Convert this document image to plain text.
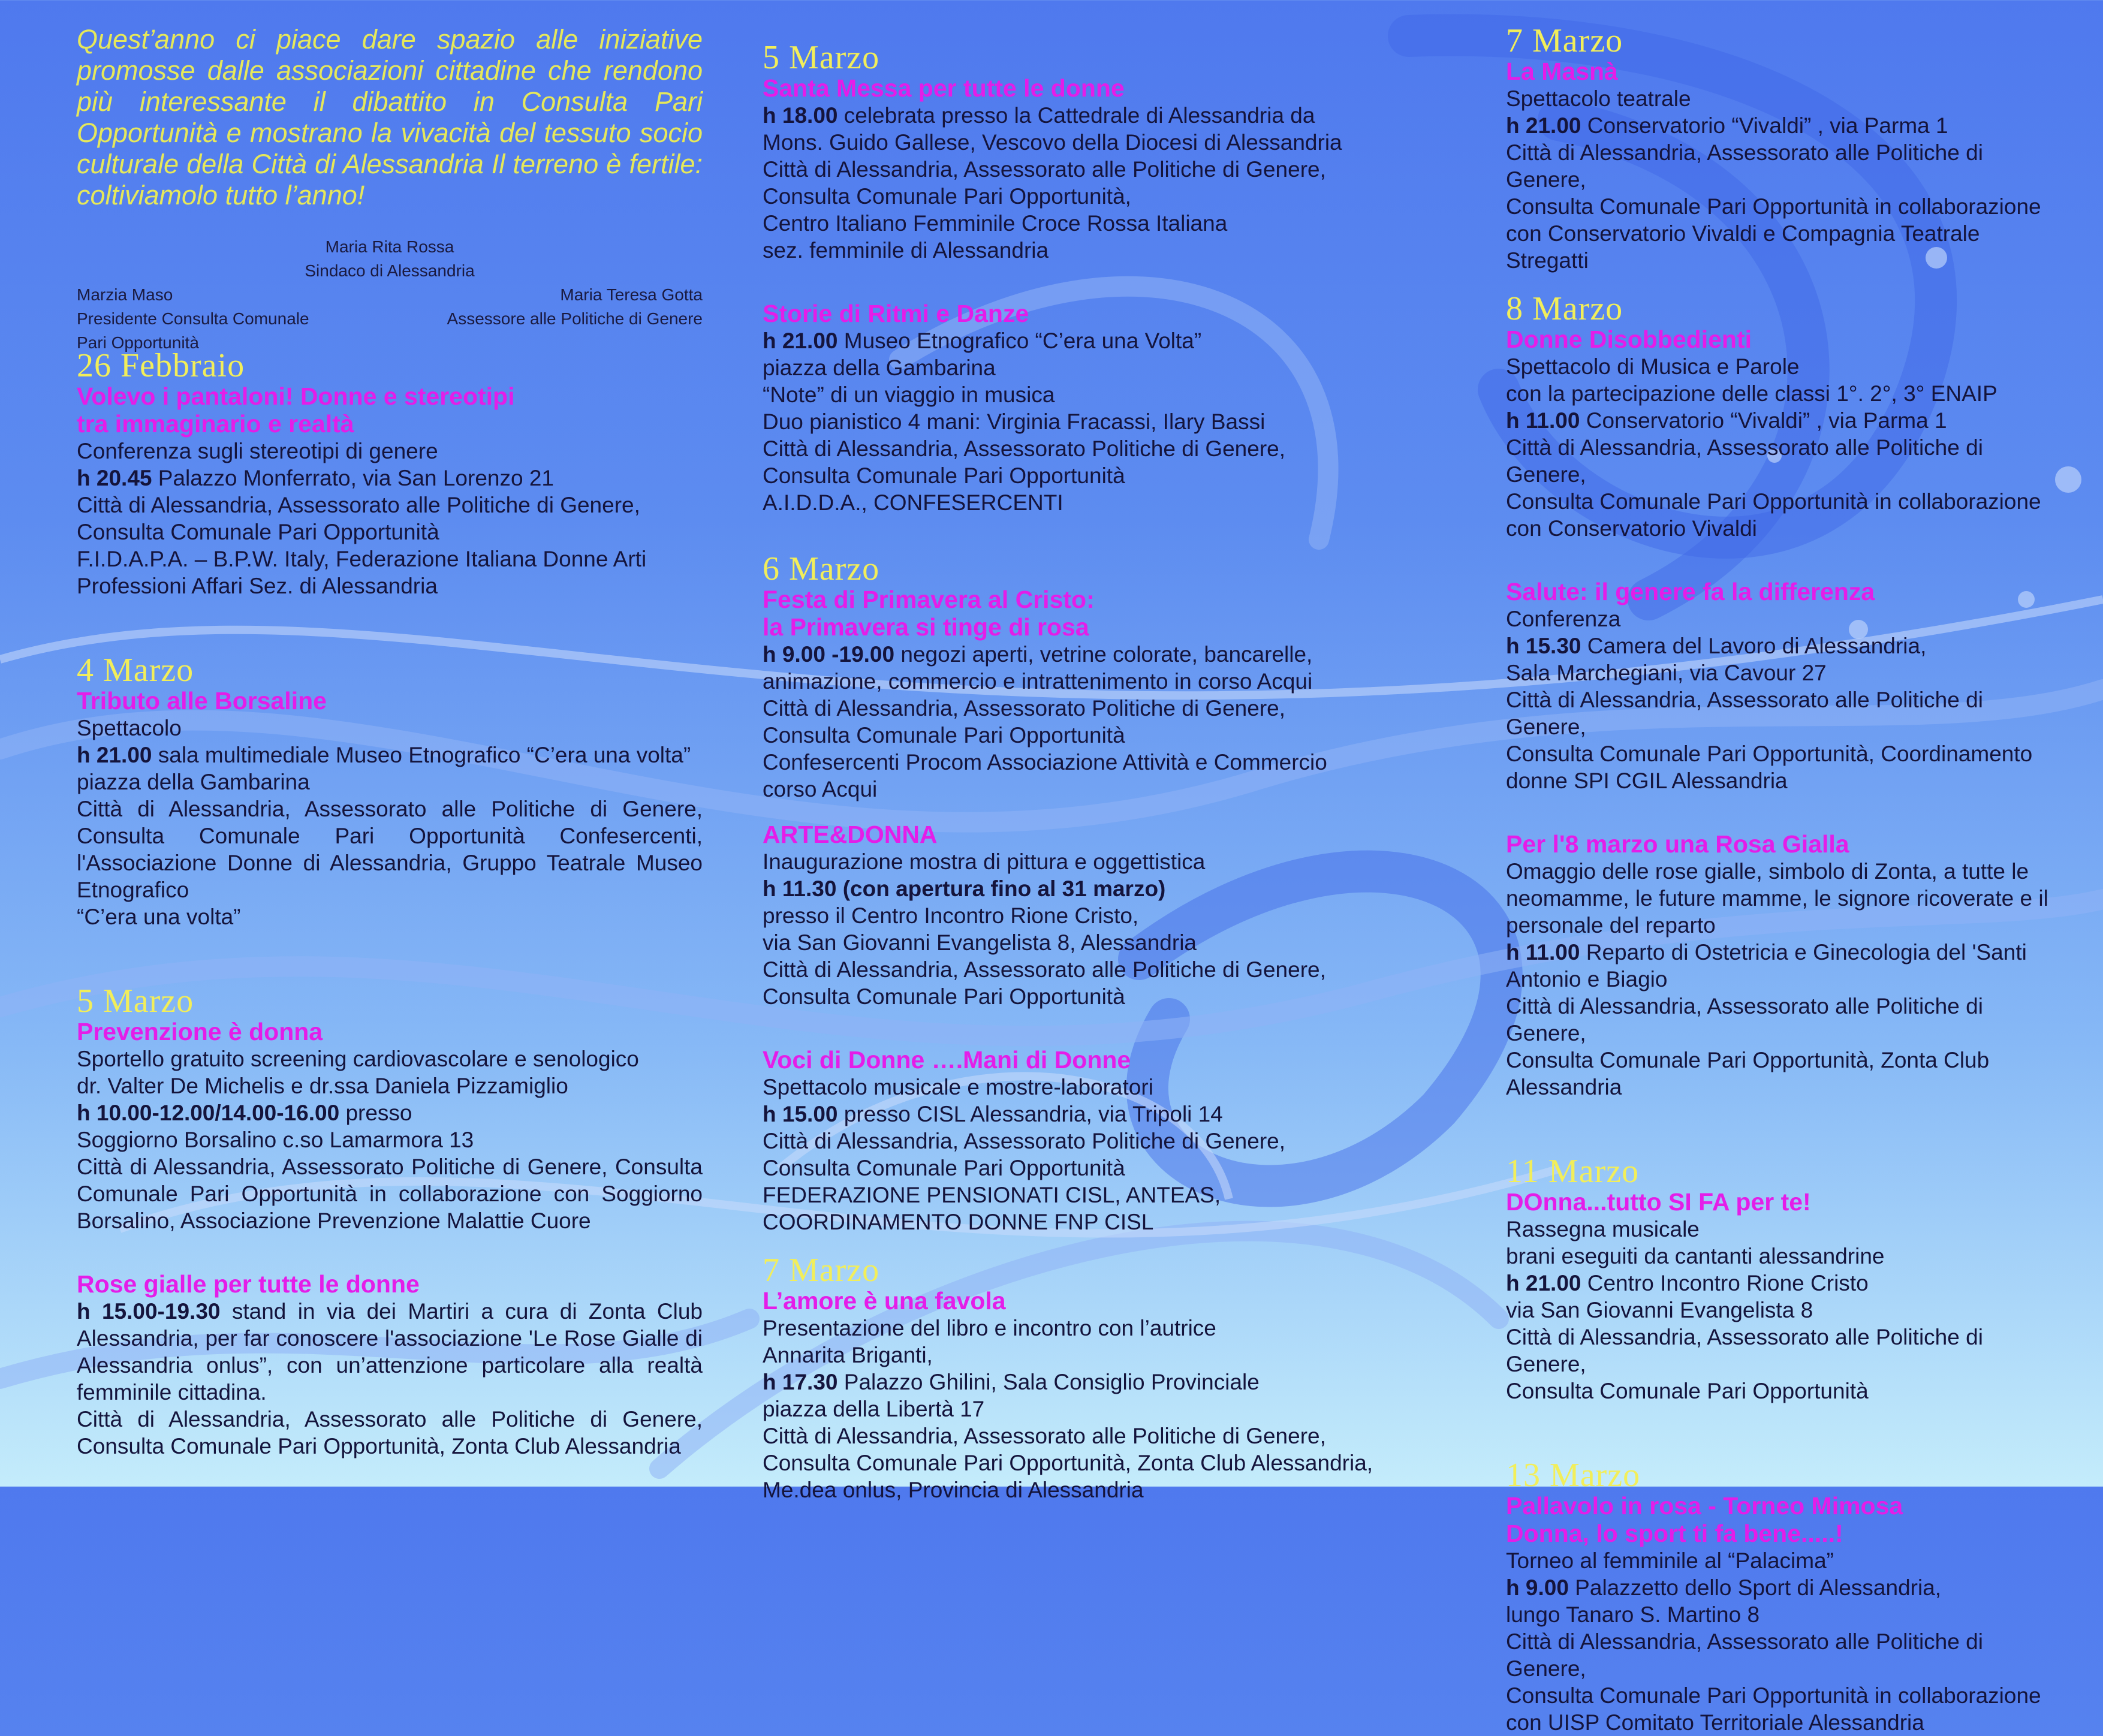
Quest’anno ci piace dare spazio alle iniziative promosse dalle associazioni cittadine che rendono più interessante il dibattito in Consulta Pari Opportunità e mostrano la vivacità del tessuto socio culturale della Città di Alessandria Il terreno è fertile: coltiviamolo tutto l’anno!

Maria Rita Rossa
Sindaco di Alessandria
Marzia Maso
Presidente Consulta Comunale
Pari Opportunità
Maria Teresa Gotta
Assessore alle Politiche di Genere
26 Febbraio
Volevo i pantaloni! Donne e stereotipi
tra immaginario e realtà
Conferenza sugli stereotipi di genere
h 20.45 Palazzo Monferrato, via San Lorenzo 21
Città di Alessandria, Assessorato alle Politiche di Genere,
Consulta Comunale Pari Opportunità
F.I.D.A.P.A. – B.P.W. Italy, Federazione Italiana Donne Arti
Professioni Affari Sez. di Alessandria
4 Marzo
Tributo alle Borsaline
Spettacolo
h 21.00 sala multimediale Museo Etnografico “C’era una volta”
piazza della Gambarina
Città di Alessandria, Assessorato alle Politiche di Genere, Consulta Comunale Pari Opportunità Confesercenti, l'Associazione Donne di Alessandria, Gruppo Teatrale Museo Etnografico
“C’era una volta”
5 Marzo
Prevenzione è donna
Sportello gratuito screening cardiovascolare e senologico
dr. Valter De Michelis e dr.ssa Daniela Pizzamiglio
h 10.00-12.00/14.00-16.00 presso
Soggiorno Borsalino c.so Lamarmora 13
Città di Alessandria, Assessorato Politiche di Genere, Consulta Comunale Pari Opportunità in collaborazione con Soggiorno Borsalino, Associazione Prevenzione Malattie Cuore
Rose gialle per tutte le donne
h 15.00-19.30 stand in via dei Martiri a cura di Zonta Club Alessandria, per far conoscere l'associazione 'Le Rose Gialle di Alessandria onlus”, con un’attenzione particolare alla realtà femminile cittadina.
Città di Alessandria, Assessorato alle Politiche di Genere, Consulta Comunale Pari Opportunità, Zonta Club Alessandria
5 Marzo
Santa Messa per tutte le donne
h 18.00 celebrata presso la Cattedrale di Alessandria da
Mons. Guido Gallese, Vescovo della Diocesi di Alessandria
Città di Alessandria, Assessorato alle Politiche di Genere,
Consulta Comunale Pari Opportunità,
Centro Italiano Femminile Croce Rossa Italiana
sez. femminile di Alessandria
Storie di Ritmi e Danze
h 21.00 Museo Etnografico “C’era una Volta”
piazza della Gambarina
“Note” di un viaggio in musica
Duo pianistico 4 mani: Virginia Fracassi, Ilary Bassi
Città di Alessandria, Assessorato Politiche di Genere,
Consulta Comunale Pari Opportunità
A.I.D.D.A., CONFESERCENTI
6 Marzo
Festa di Primavera al Cristo:
la Primavera si tinge di rosa
h 9.00 -19.00 negozi aperti, vetrine colorate, bancarelle,
animazione, commercio e intrattenimento in corso Acqui
Città di Alessandria, Assessorato Politiche di Genere,
Consulta Comunale Pari Opportunità
Confesercenti Procom Associazione Attività e Commercio
corso Acqui
ARTE&DONNA
Inaugurazione mostra di pittura e oggettistica
h 11.30 (con apertura fino al 31 marzo)
presso il Centro Incontro Rione Cristo,
via San Giovanni Evangelista 8, Alessandria
Città di Alessandria, Assessorato alle Politiche di Genere,
Consulta Comunale Pari Opportunità
Voci di Donne ….Mani di Donne
Spettacolo musicale e mostre-laboratori
h 15.00 presso CISL Alessandria, via Tripoli 14
Città di Alessandria, Assessorato Politiche di Genere,
Consulta Comunale Pari Opportunità
FEDERAZIONE PENSIONATI CISL, ANTEAS,
COORDINAMENTO DONNE FNP CISL
7 Marzo
L’amore è una favola
Presentazione del libro e incontro con l’autrice
Annarita Briganti,
h 17.30 Palazzo Ghilini, Sala Consiglio Provinciale
piazza della Libertà 17
Città di Alessandria, Assessorato alle Politiche di Genere,
Consulta Comunale Pari Opportunità, Zonta Club Alessandria,
Me.dea onlus, Provincia di Alessandria
7 Marzo
La Masnà
Spettacolo teatrale
h 21.00 Conservatorio “Vivaldi” , via Parma 1
Città di Alessandria, Assessorato alle Politiche di Genere,
Consulta Comunale Pari Opportunità in collaborazione
con Conservatorio Vivaldi e Compagnia Teatrale Stregatti
8 Marzo
Donne Disobbedienti
Spettacolo di Musica e Parole
con la partecipazione delle classi 1°. 2°, 3° ENAIP
h 11.00 Conservatorio “Vivaldi” , via Parma 1
Città di Alessandria, Assessorato alle Politiche di Genere,
Consulta Comunale Pari Opportunità in collaborazione
con Conservatorio Vivaldi
Salute: il genere fa la differenza
Conferenza
h 15.30 Camera del Lavoro di Alessandria,
Sala Marchegiani, via Cavour 27
Città di Alessandria, Assessorato alle Politiche di Genere,
Consulta Comunale Pari Opportunità, Coordinamento
donne SPI CGIL Alessandria
Per l'8 marzo una Rosa Gialla
Omaggio delle rose gialle, simbolo di Zonta, a tutte le
neomamme, le future mamme, le signore ricoverate e il
personale del reparto
h 11.00 Reparto di Ostetricia e Ginecologia del 'Santi
Antonio e Biagio
Città di Alessandria, Assessorato alle Politiche di Genere,
Consulta Comunale Pari Opportunità, Zonta Club Alessandria
11 Marzo
DOnna...tutto SI FA per te!
Rassegna musicale
brani eseguiti da cantanti alessandrine
h 21.00 Centro Incontro Rione Cristo
via San Giovanni Evangelista 8
Città di Alessandria, Assessorato alle Politiche di Genere,
Consulta Comunale Pari Opportunità
13 Marzo
Pallavolo in rosa - Torneo Mimosa
Donna, lo sport ti fa bene.....!
Torneo al femminile al “Palacima”
h 9.00 Palazzetto dello Sport di Alessandria,
lungo Tanaro S. Martino 8
Città di Alessandria, Assessorato alle Politiche di Genere,
Consulta Comunale Pari Opportunità in collaborazione
con UISP Comitato Territoriale Alessandria
